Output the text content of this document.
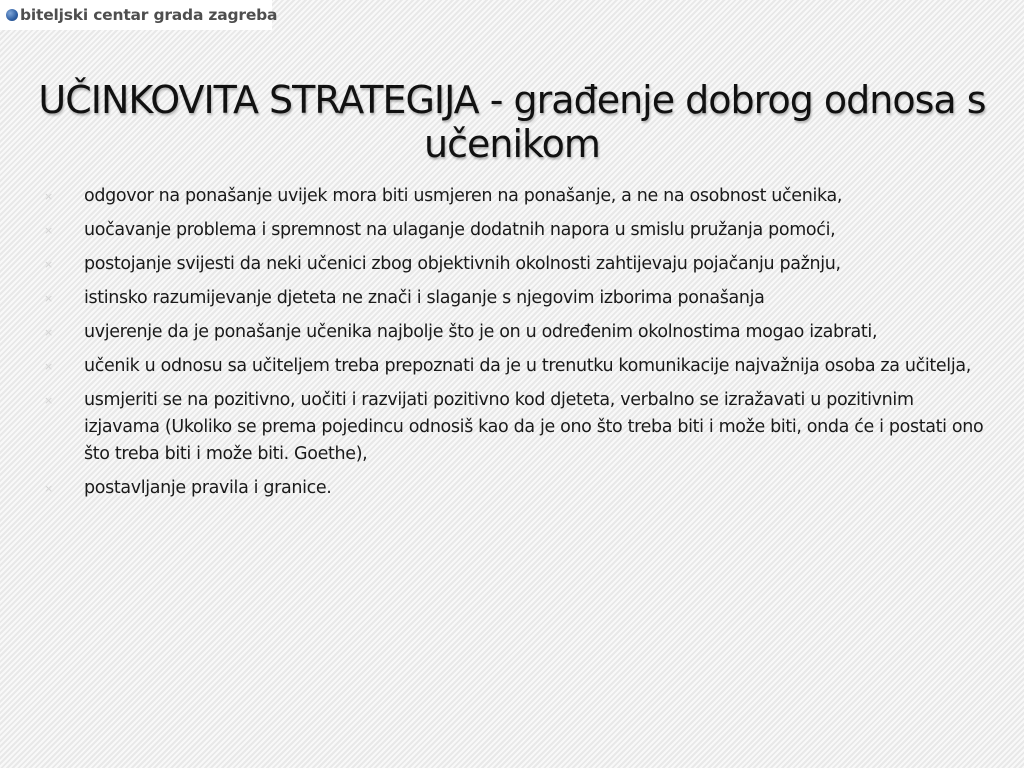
biteljski centar grada zagreba
UČINKOVITA STRATEGIJA - građenje dobrog odnosa s učenikom
× odgovor na ponašanje uvijek mora biti usmjeren na ponašanje, a ne na osobnost učenika,
× uočavanje problema i spremnost na ulaganje dodatnih napora u smislu pružanja pomoći,
× postojanje svijesti da neki učenici zbog objektivnih okolnosti zahtijevaju pojačanju pažnju,
× istinsko razumijevanje djeteta ne znači i slaganje s njegovim izborima ponašanja
× uvjerenje da je ponašanje učenika najbolje što je on u određenim okolnostima mogao izabrati,
× učenik u odnosu sa učiteljem treba prepoznati da je u trenutku komunikacije najvažnija osoba za učitelja,
× usmjeriti se na pozitivno, uočiti i razvijati pozitivno kod djeteta, verbalno se izražavati u pozitivnim izjavama (Ukoliko se prema pojedincu odnosiš kao da je ono što treba biti i može biti, onda će i postati ono što treba biti i može biti. Goethe),
× postavljanje pravila i granice.
